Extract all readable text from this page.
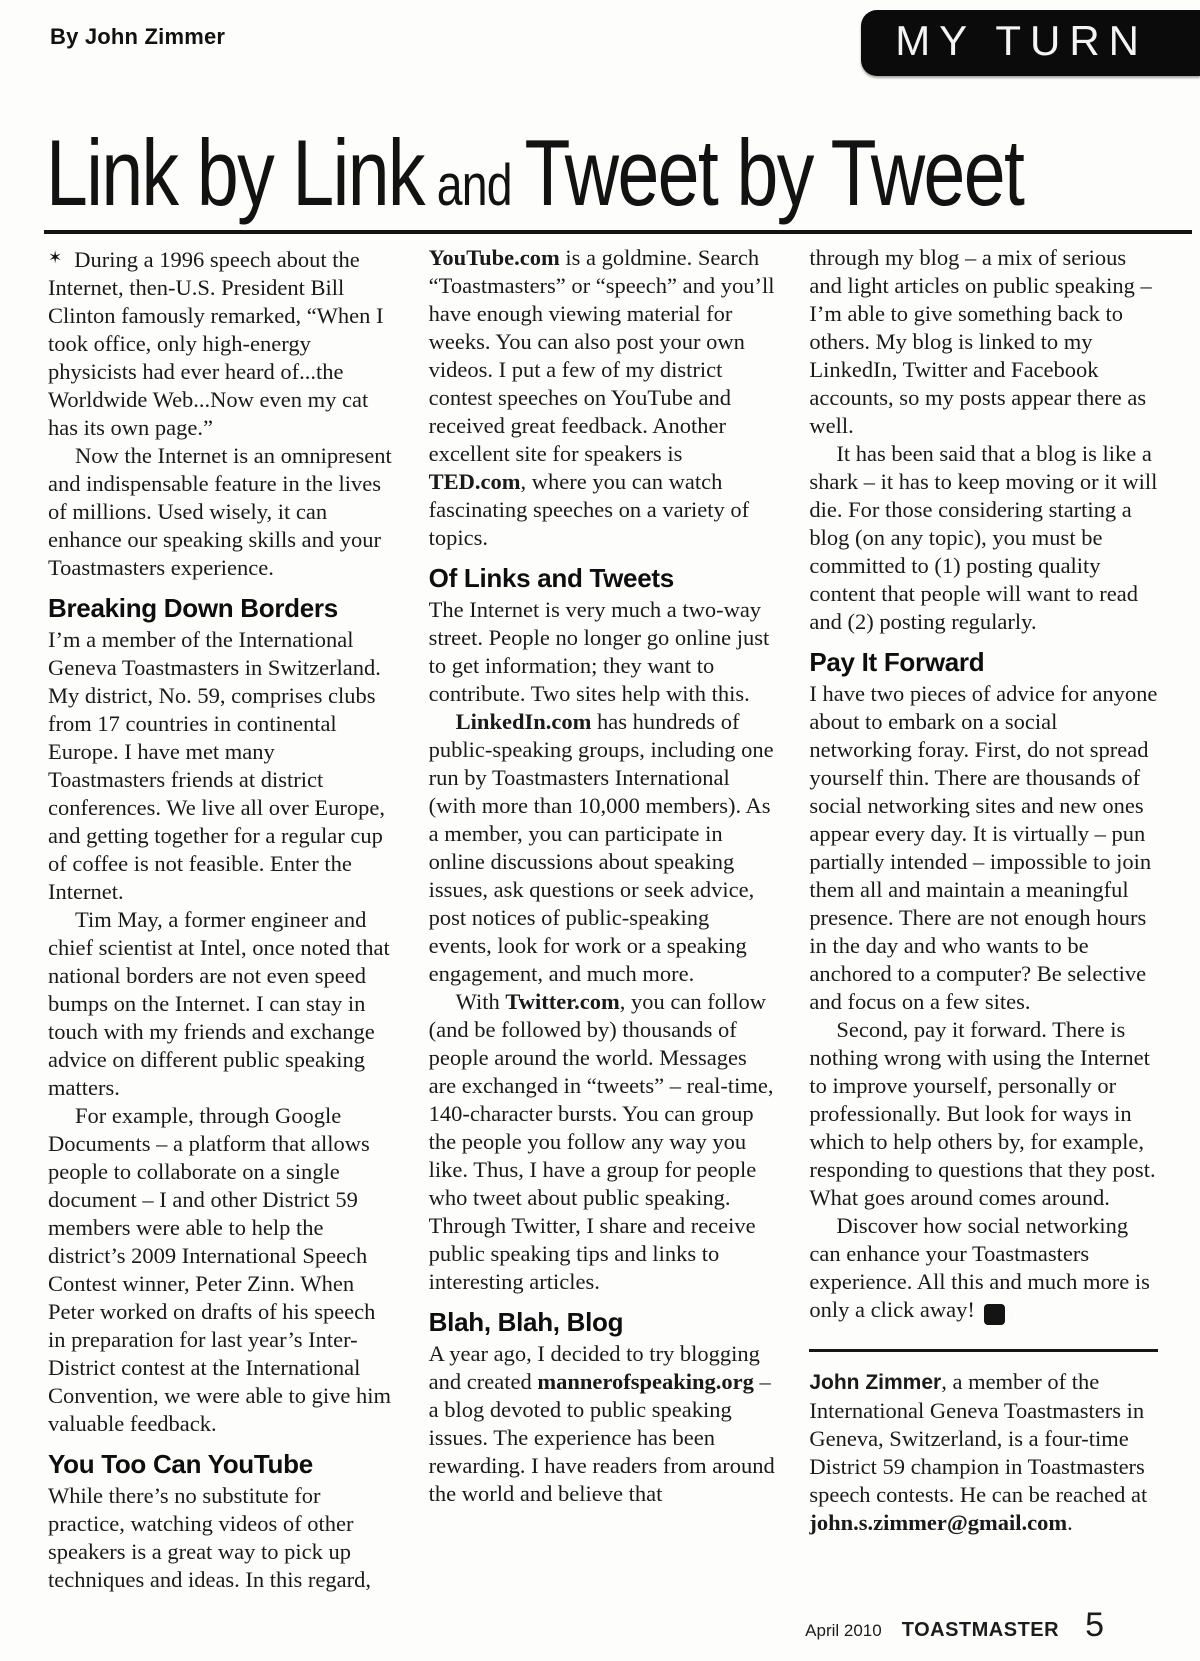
By John Zimmer	MY TURN
Link by Link and Tweet by Tweet

✶ During a 1996 speech about the Internet, then-U.S. President Bill Clinton famously remarked, “When I took office, only high-energy physicists had ever heard of...the Worldwide Web...Now even my cat has its own page.”

Now the Internet is an omnipresent and indispensable feature in the lives of millions. Used wisely, it can enhance our speaking skills and your Toastmasters experience.

Breaking Down Borders

I’m a member of the International Geneva Toastmasters in Switzerland. My district, No. 59, comprises clubs from 17 countries in continental Europe. I have met many Toastmasters friends at district conferences. We live all over Europe, and getting together for a regular cup of coffee is not feasible. Enter the Internet.

Tim May, a former engineer and chief scientist at Intel, once noted that national borders are not even speed bumps on the Internet. I can stay in touch with my friends and exchange advice on different public speaking matters.

For example, through Google Documents – a platform that allows people to collaborate on a single document – I and other District 59 members were able to help the district’s 2009 International Speech Contest winner, Peter Zinn. When Peter worked on drafts of his speech in preparation for last year’s Inter-District contest at the International Convention, we were able to give him valuable feedback.

You Too Can YouTube

While there’s no substitute for practice, watching videos of other speakers is a great way to pick up techniques and ideas. In this regard,

YouTube.com is a goldmine. Search “Toastmasters” or “speech” and you’ll have enough viewing material for weeks. You can also post your own videos. I put a few of my district contest speeches on YouTube and received great feedback. Another excellent site for speakers is TED.com, where you can watch fascinating speeches on a variety of topics.

Of Links and Tweets

The Internet is very much a two-way street. People no longer go online just to get information; they want to contribute. Two sites help with this.

LinkedIn.com has hundreds of public-speaking groups, including one run by Toastmasters International (with more than 10,000 members). As a member, you can participate in online discussions about speaking issues, ask questions or seek advice, post notices of public-speaking events, look for work or a speaking engagement, and much more.

With Twitter.com, you can follow (and be followed by) thousands of people around the world. Messages are exchanged in “tweets” – real-time, 140-character bursts. You can group the people you follow any way you like. Thus, I have a group for people who tweet about public speaking. Through Twitter, I share and receive public speaking tips and links to interesting articles.

Blah, Blah, Blog

A year ago, I decided to try blogging and created mannerofspeaking.org – a blog devoted to public speaking issues. The experience has been rewarding. I have readers from around the world and believe that

through my blog – a mix of serious and light articles on public speaking – I’m able to give something back to others. My blog is linked to my LinkedIn, Twitter and Facebook accounts, so my posts appear there as well.

It has been said that a blog is like a shark – it has to keep moving or it will die. For those considering starting a blog (on any topic), you must be committed to (1) posting quality content that people will want to read and (2) posting regularly.

Pay It Forward

I have two pieces of advice for anyone about to embark on a social networking foray. First, do not spread yourself thin. There are thousands of social networking sites and new ones appear every day. It is virtually – pun partially intended – impossible to join them all and maintain a meaningful presence. There are not enough hours in the day and who wants to be anchored to a computer? Be selective and focus on a few sites.

Second, pay it forward. There is nothing wrong with using the Internet to improve yourself, personally or professionally. But look for ways in which to help others by, for example, responding to questions that they post. What goes around comes around.

Discover how social networking can enhance your Toastmasters experience. All this and much more is only a click away!	T

John Zimmer, a member of the International Geneva Toastmasters in Geneva, Switzerland, is a four-time District 59 champion in Toastmasters speech contests. He can be reached at john.s.zimmer@gmail.com.

April 2010 TOASTMASTER 5
